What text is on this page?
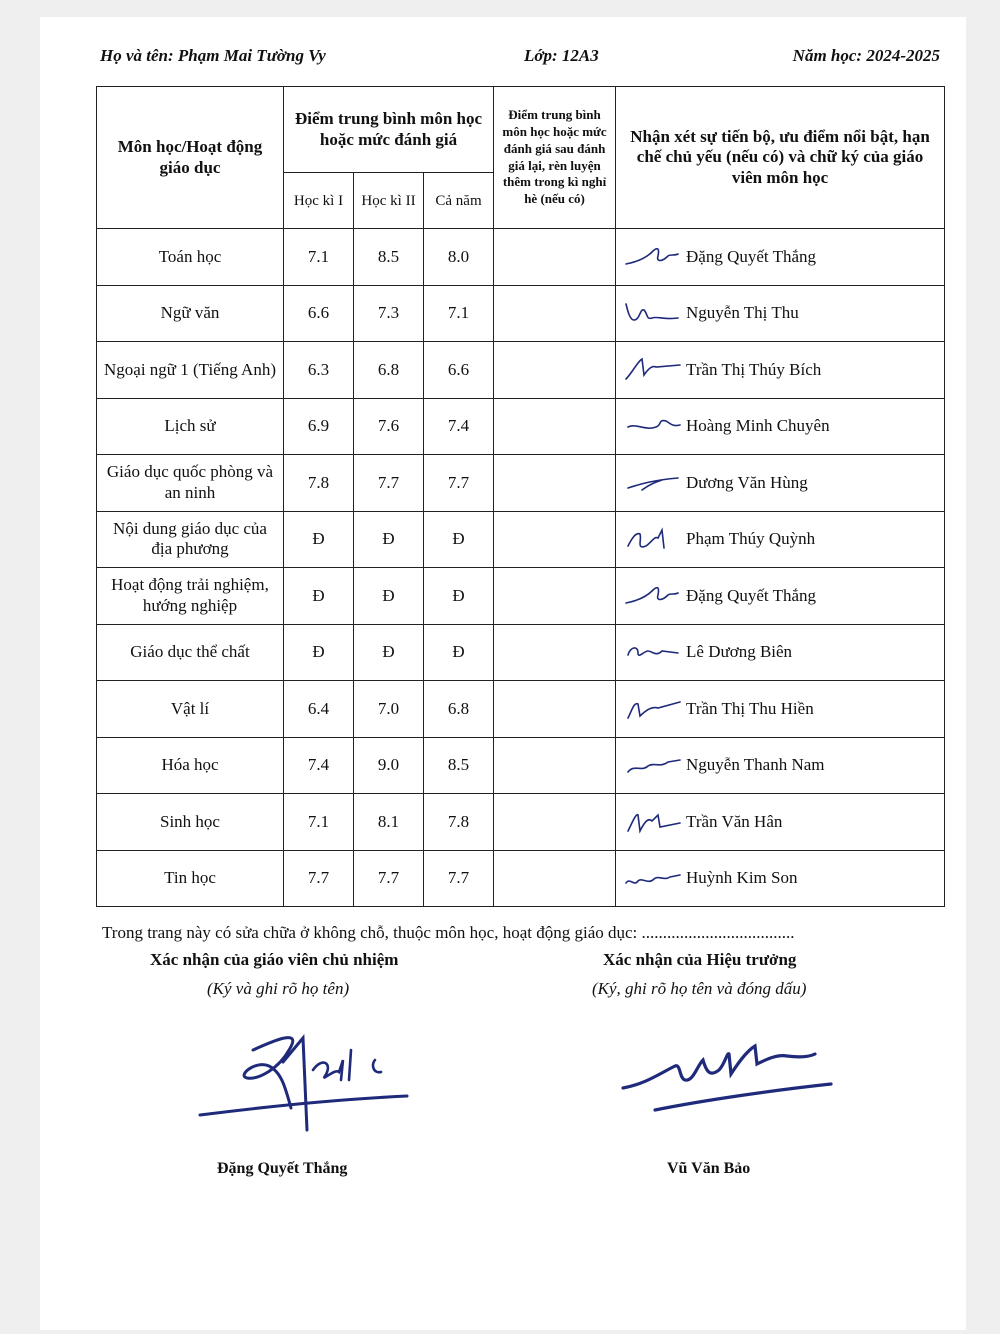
Họ và tên: Phạm Mai Tường Vy	Lớp: 12A3	Năm học: 2024-2025
Môn học/Hoạt động giáo dục	Điểm trung bình môn học hoặc mức đánh giá			Điểm trung bình môn học hoặc mức đánh giá sau đánh giá lại, rèn luyện thêm trong kì nghỉ hè (nếu có)	Nhận xét sự tiến bộ, ưu điểm nổi bật, hạn chế chủ yếu (nếu có) và chữ ký của giáo viên môn học
	Học kì I	Học kì II	Cả năm		
Toán học	7.1	8.5	8.0		Đặng Quyết Thắng
Ngữ văn	6.6	7.3	7.1		Nguyễn Thị Thu
Ngoại ngữ 1 (Tiếng Anh)	6.3	6.8	6.6		Trần Thị Thúy Bích
Lịch sử	6.9	7.6	7.4		Hoàng Minh Chuyên
Giáo dục quốc phòng và an ninh	7.8	7.7	7.7		Dương Văn Hùng
Nội dung giáo dục của địa phương	Đ	Đ	Đ		Phạm Thúy Quỳnh
Hoạt động trải nghiệm, hướng nghiệp	Đ	Đ	Đ		Đặng Quyết Thắng
Giáo dục thể chất	Đ	Đ	Đ		Lê Dương Biên
Vật lí	6.4	7.0	6.8		Trần Thị Thu Hiền
Hóa học	7.4	9.0	8.5		Nguyễn Thanh Nam
Sinh học	7.1	8.1	7.8		Trần Văn Hân
Tin học	7.7	7.7	7.7		Huỳnh Kim Son
Trong trang này có sửa chữa ở không chỗ, thuộc môn học, hoạt động giáo dục: ....................................
Xác nhận của giáo viên chủ nhiệm
(Ký và ghi rõ họ tên)
Xác nhận của Hiệu trưởng
(Ký, ghi rõ họ tên và đóng dấu)
Đặng Quyết Thắng	Vũ Văn Bảo
